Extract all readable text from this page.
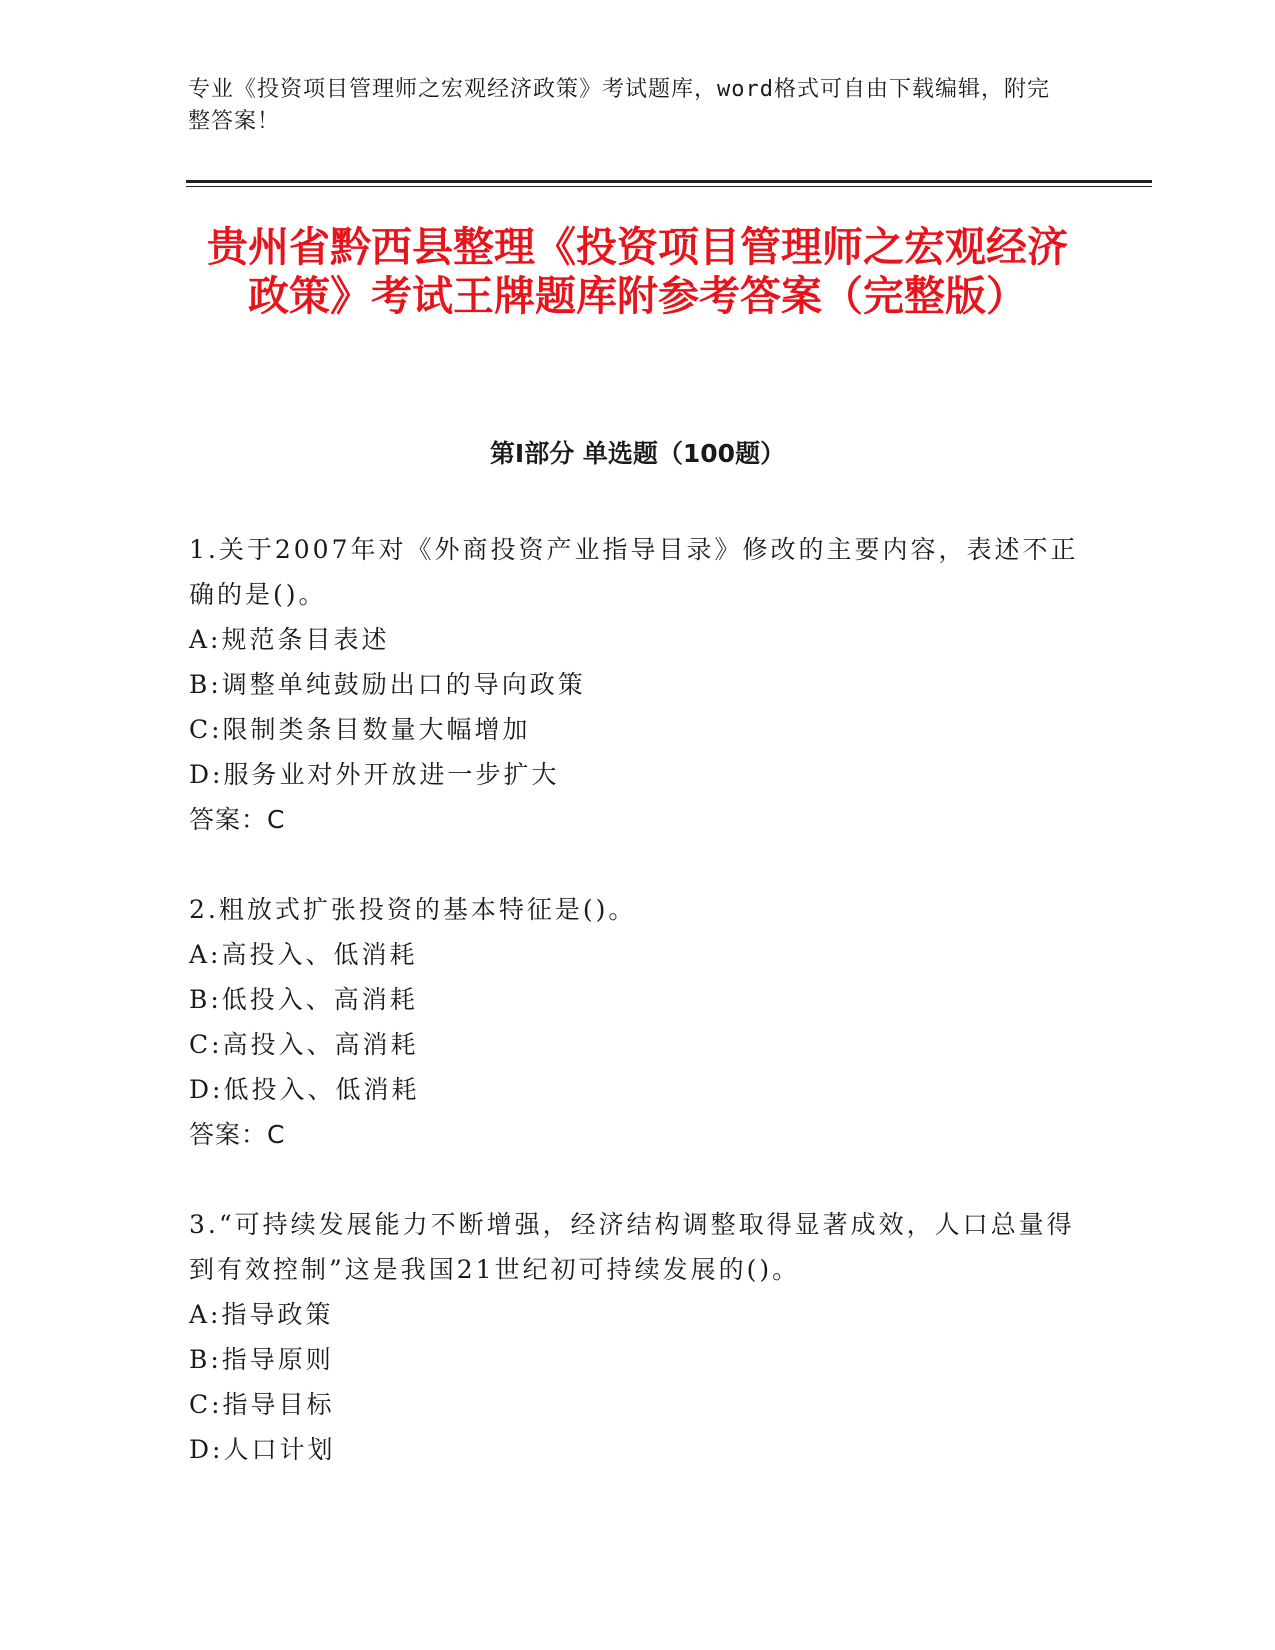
专业《投资项目管理师之宏观经济政策》考试题库，word格式可自由下载编辑，附完整答案！
贵州省黔西县整理《投资项目管理师之宏观经济政策》考试王牌题库附参考答案（完整版）
第Ⅰ部分 单选题（100题）

1.关于2007年对《外商投资产业指导目录》修改的主要内容，表述不正确的是()。

A:规范条目表述

B:调整单纯鼓励出口的导向政策

C:限制类条目数量大幅增加

D:服务业对外开放进一步扩大

答案：C

2.粗放式扩张投资的基本特征是()。

A:高投入、低消耗

B:低投入、高消耗

C:高投入、高消耗

D:低投入、低消耗

答案：C

3.“可持续发展能力不断增强，经济结构调整取得显著成效，人口总量得到有效控制”这是我国21世纪初可持续发展的()。

A:指导政策

B:指导原则

C:指导目标

D:人口计划
